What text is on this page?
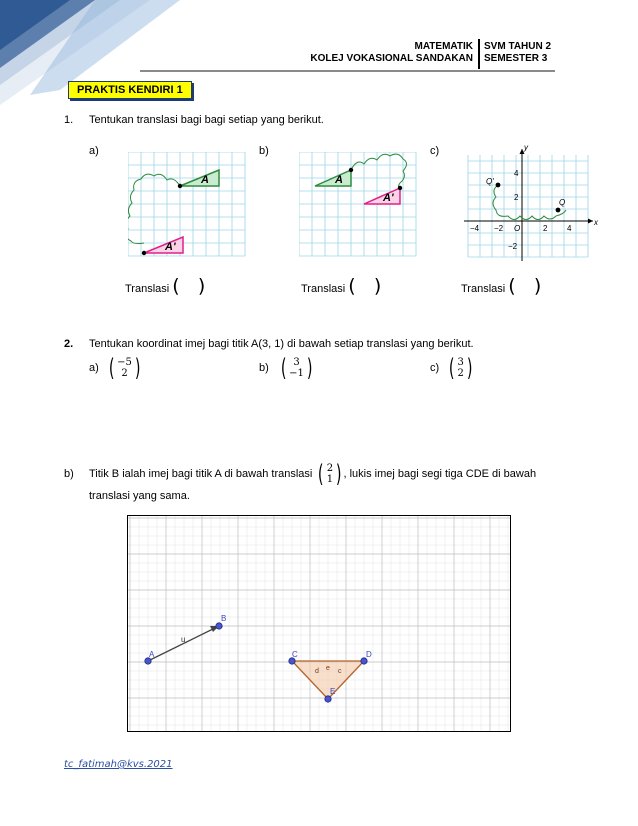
MATEMATIK
KOLEJ VOKASIONAL SANDAKAN
SVM TAHUN 2
SEMESTER 3
PRAKTIS KENDIRI 1
1. Tentukan translasi bagi bagi setiap yang berikut.
a)	b)	c)
A
A'
A
A'
x
y
O
−4 −2	2 4
4
2
−2
Q
Q'
Translasi (   )	Translasi (   )	Translasi (   )
2. Tentukan koordinat imej bagi titik A(3, 1) di bawah setiap translasi yang berikut.
a) ( −5
2 )	b) ( 3
−1 )	c) ( 3
2 )
b) Titik B ialah imej bagi titik A di bawah translasi ( 2
1 ) , lukis imej bagi segi tiga CDE di bawah
translasi yang sama.
A
B
u
C	D
E
d e c
tc_fatimah@kvs.2021
